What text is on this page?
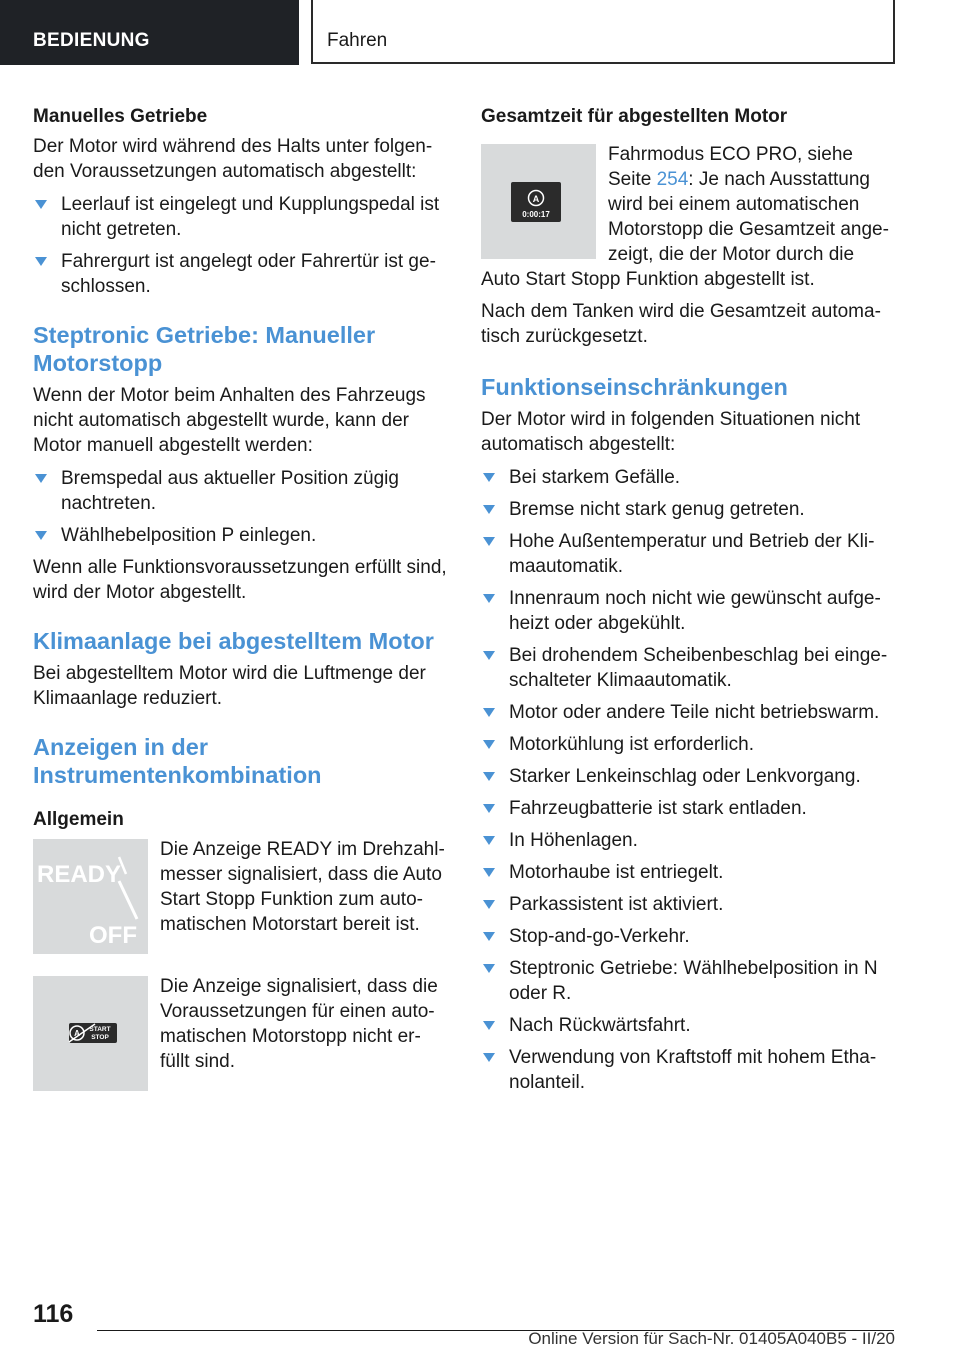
BEDIENUNG	Fahren

Manuelles Getriebe

Der Motor wird während des Halts unter folgen-den Voraussetzungen automatisch abgestellt:

Leerlauf ist eingelegt und Kupplungspedal ist nicht getreten.
Fahrergurt ist angelegt oder Fahrertür ist ge-schlossen.

Steptronic Getriebe: Manueller Motorstopp

Wenn der Motor beim Anhalten des Fahrzeugs nicht automatisch abgestellt wurde, kann der Motor manuell abgestellt werden:

Bremspedal aus aktueller Position zügig nachtreten.
Wählhebelposition P einlegen.

Wenn alle Funktionsvoraussetzungen erfüllt sind, wird der Motor abgestellt.

Klimaanlage bei abgestelltem Motor

Bei abgestelltem Motor wird die Luftmenge der Klimaanlage reduziert.

Anzeigen in der Instrumentenkombination

Allgemein

READY
OFF

Die Anzeige READY im Drehzahl-messer signalisiert, dass die Auto Start Stopp Funktion zum auto-matischen Motorstart bereit ist.

A START
STOP

Die Anzeige signalisiert, dass die Voraussetzungen für einen auto-matischen Motorstopp nicht er-füllt sind.

Gesamtzeit für abgestellten Motor

A
0:00:17

Fahrmodus ECO PRO, siehe Seite 254: Je nach Ausstattung wird bei einem automatischen Motorstopp die Gesamtzeit ange-zeigt, die der Motor durch die Auto Start Stopp Funktion abgestellt ist.

Nach dem Tanken wird die Gesamtzeit automa-tisch zurückgesetzt.

Funktionseinschränkungen

Der Motor wird in folgenden Situationen nicht automatisch abgestellt:

Bei starkem Gefälle.
Bremse nicht stark genug getreten.
Hohe Außentemperatur und Betrieb der Kli-maautomatik.
Innenraum noch nicht wie gewünscht aufge-heizt oder abgekühlt.
Bei drohendem Scheibenbeschlag bei einge-schalteter Klimaautomatik.
Motor oder andere Teile nicht betriebswarm.
Motorkühlung ist erforderlich.
Starker Lenkeinschlag oder Lenkvorgang.
Fahrzeugbatterie ist stark entladen.
In Höhenlagen.
Motorhaube ist entriegelt.
Parkassistent ist aktiviert.
Stop-and-go-Verkehr.
Steptronic Getriebe: Wählhebelposition in N oder R.
Nach Rückwärtsfahrt.
Verwendung von Kraftstoff mit hohem Etha-nolanteil.
116
Online Version für Sach-Nr. 01405A040B5 - II/20
